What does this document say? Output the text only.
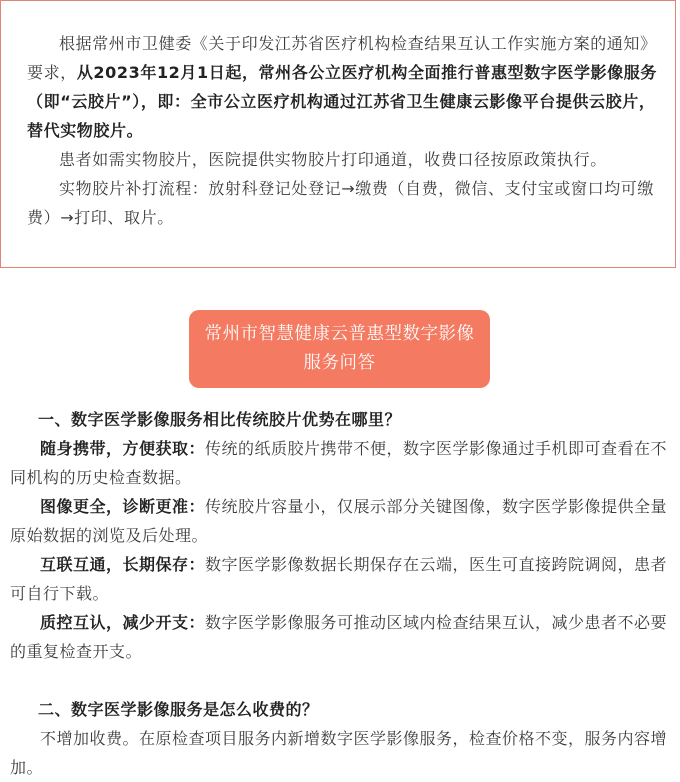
根据常州市卫健委《关于印发江苏省医疗机构检查结果互认工作实施方案的通知》要求，从2023年12月1日起，常州各公立医疗机构全面推行普惠型数字医学影像服务（即“云胶片”），即：全市公立医疗机构通过江苏省卫生健康云影像平台提供云胶片，替代实物胶片。

患者如需实物胶片，医院提供实物胶片打印通道，收费口径按原政策执行。

实物胶片补打流程：放射科登记处登记→缴费（自费，微信、支付宝或窗口均可缴费）→打印、取片。

常州市智慧健康云普惠型数字影像
服务问答

一、数字医学影像服务相比传统胶片优势在哪里？

随身携带，方便获取：传统的纸质胶片携带不便，数字医学影像通过手机即可查看在不同机构的历史检查数据。

图像更全，诊断更准：传统胶片容量小，仅展示部分关键图像，数字医学影像提供全量原始数据的浏览及后处理。

互联互通，长期保存：数字医学影像数据长期保存在云端，医生可直接跨院调阅，患者可自行下载。

质控互认，减少开支：数字医学影像服务可推动区域内检查结果互认，减少患者不必要的重复检查开支。

二、数字医学影像服务是怎么收费的？

不增加收费。在原检查项目服务内新增数字医学影像服务，检查价格不变，服务内容增加。
